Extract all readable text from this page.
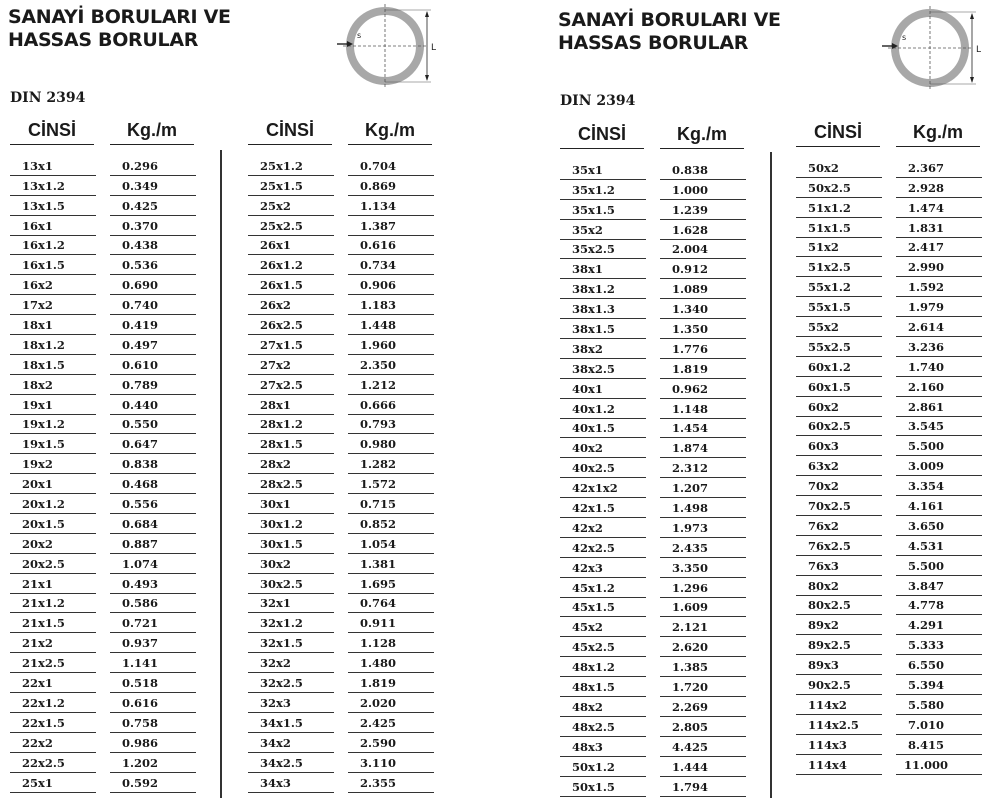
SANAYİ BORULARI VE
HASSAS BORULAR	L
s
DIN 2394
CİNSİ	Kg./m
13x1	0.296
13x1.2	0.349
13x1.5	0.425
16x1	0.370
16x1.2	0.438
16x1.5	0.536
16x2	0.690
17x2	0.740
18x1	0.419
18x1.2	0.497
18x1.5	0.610
18x2	0.789
19x1	0.440
19x1.2	0.550
19x1.5	0.647
19x2	0.838
20x1	0.468
20x1.2	0.556
20x1.5	0.684
20x2	0.887
20x2.5	1.074
21x1	0.493
21x1.2	0.586
21x1.5	0.721
21x2	0.937
21x2.5	1.141
22x1	0.518
22x1.2	0.616
22x1.5	0.758
22x2	0.986
22x2.5	1.202
25x1	0.592
CİNSİ	Kg./m
25x1.2	0.704
25x1.5	0.869
25x2	1.134
25x2.5	1.387
26x1	0.616
26x1.2	0.734
26x1.5	0.906
26x2	1.183
26x2.5	1.448
27x1.5	1.960
27x2	2.350
27x2.5	1.212
28x1	0.666
28x1.2	0.793
28x1.5	0.980
28x2	1.282
28x2.5	1.572
30x1	0.715
30x1.2	0.852
30x1.5	1.054
30x2	1.381
30x2.5	1.695
32x1	0.764
32x1.2	0.911
32x1.5	1.128
32x2	1.480
32x2.5	1.819
32x3	2.020
34x1.5	2.425
34x2	2.590
34x2.5	3.110
34x3	2.355
SANAYİ BORULARI VE
HASSAS BORULAR	L
s
DIN 2394
CİNSİ	Kg./m
35x1	0.838
35x1.2	1.000
35x1.5	1.239
35x2	1.628
35x2.5	2.004
38x1	0.912
38x1.2	1.089
38x1.3	1.340
38x1.5	1.350
38x2	1.776
38x2.5	1.819
40x1	0.962
40x1.2	1.148
40x1.5	1.454
40x2	1.874
40x2.5	2.312
42x1x2	1.207
42x1.5	1.498
42x2	1.973
42x2.5	2.435
42x3	3.350
45x1.2	1.296
45x1.5	1.609
45x2	2.121
45x2.5	2.620
48x1.2	1.385
48x1.5	1.720
48x2	2.269
48x2.5	2.805
48x3	4.425
50x1.2	1.444
50x1.5	1.794
CİNSİ	Kg./m
50x2	2.367
50x2.5	2.928
51x1.2	1.474
51x1.5	1.831
51x2	2.417
51x2.5	2.990
55x1.2	1.592
55x1.5	1.979
55x2	2.614
55x2.5	3.236
60x1.2	1.740
60x1.5	2.160
60x2	2.861
60x2.5	3.545
60x3	5.500
63x2	3.009
70x2	3.354
70x2.5	4.161
76x2	3.650
76x2.5	4.531
76x3	5.500
80x2	3.847
80x2.5	4.778
89x2	4.291
89x2.5	5.333
89x3	6.550
90x2.5	5.394
114x2	5.580
114x2.5	7.010
114x3	8.415
114x4	11.000
